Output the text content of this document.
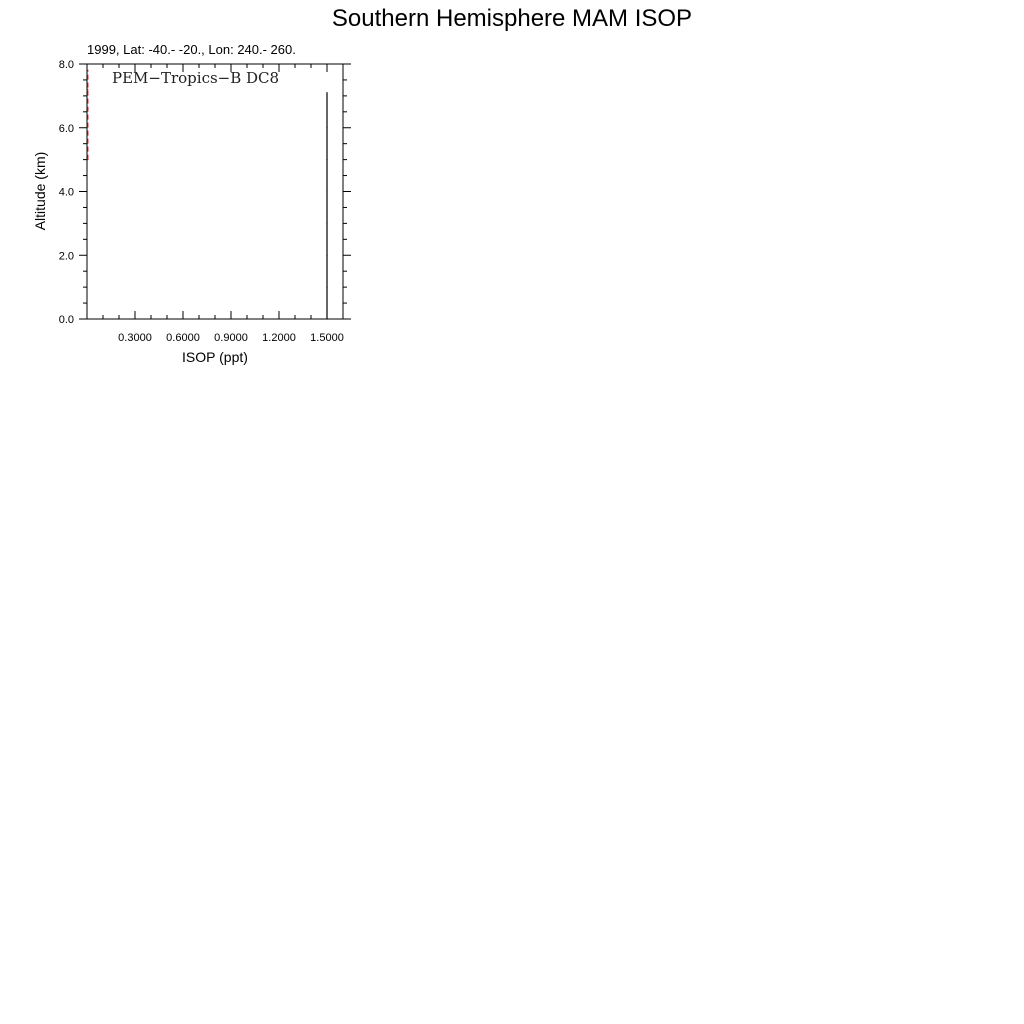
Southern Hemisphere MAM ISOP
1999, Lat: -40.- -20., Lon: 240.- 260.
0.3000 0.6000 0.9000 1.2000 1.5000
0.0
2.0
4.0
6.0
8.0
PEM−Tropics−B DC8
ISOP (ppt)
Altitude (km)
